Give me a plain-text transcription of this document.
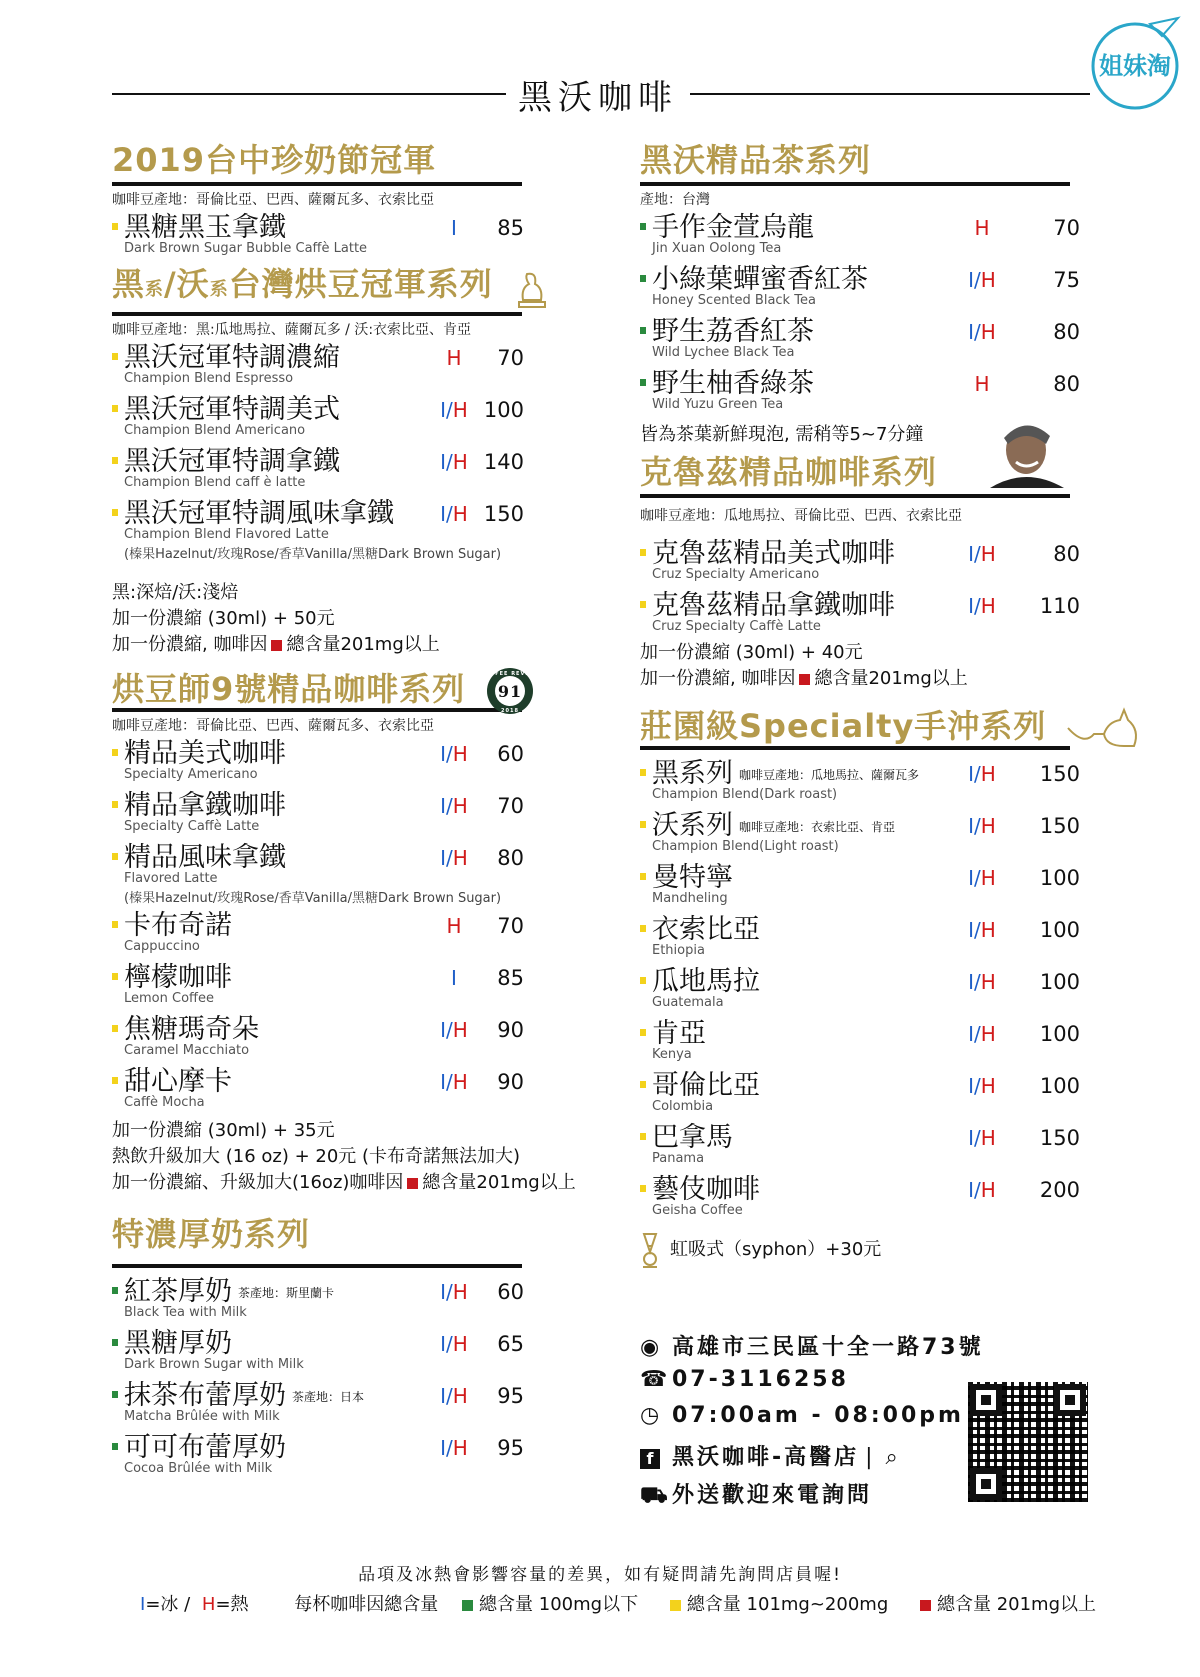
黑沃咖啡
姐妹淘
2019台中珍奶節冠軍
咖啡豆產地：哥倫比亞、巴西、薩爾瓦多、衣索比亞
黑糖黑玉拿鐵
Dark Brown Sugar Bubble Caffè Latte
I	85
黑系/沃系台灣烘豆冠軍系列
咖啡豆產地：黑:瓜地馬拉、薩爾瓦多 / 沃:衣索比亞、肯亞
黑沃冠軍特調濃縮
Champion Blend Espresso
H	70
黑沃冠軍特調美式
Champion Blend Americano
I/H 100
黑沃冠軍特調拿鐵
Champion Blend caff è latte
I/H 140
黑沃冠軍特調風味拿鐵
Champion Blend Flavored Latte
(榛果Hazelnut/玫瑰Rose/香草Vanilla/黑糖Dark Brown Sugar)
I/H 150
黑:深焙/沃:淺焙
加一份濃縮 (30ml) + 50元
加一份濃縮, 咖啡因 總含量201mg以上
烘豆師9號精品咖啡系列 91
COFFEE REVIEW
2018
咖啡豆產地：哥倫比亞、巴西、薩爾瓦多、衣索比亞
精品美式咖啡
Specialty Americano
I/H	60
精品拿鐵咖啡
Specialty Caffè Latte
I/H	70
精品風味拿鐵
Flavored Latte
(榛果Hazelnut/玫瑰Rose/香草Vanilla/黑糖Dark Brown Sugar)
I/H	80
卡布奇諾
Cappuccino
H	70
檸檬咖啡
Lemon Coffee
I	85
焦糖瑪奇朵
Caramel Macchiato
I/H	90
甜心摩卡
Caffè Mocha
I/H	90
加一份濃縮 (30ml) + 35元
熱飲升級加大 (16 oz) + 20元 (卡布奇諾無法加大)
加一份濃縮、升級加大(16oz)咖啡因 總含量201mg以上
特濃厚奶系列
紅茶厚奶 茶產地：斯里蘭卡
Black Tea with Milk
I/H	60
黑糖厚奶
Dark Brown Sugar with Milk
I/H	65
抹茶布蕾厚奶 茶產地：日本
Matcha Brûlée with Milk
I/H	95
可可布蕾厚奶
Cocoa Brûlée with Milk
I/H	95
黑沃精品茶系列
產地：台灣
手作金萱烏龍
Jin Xuan Oolong Tea
H	70
小綠葉蟬蜜香紅茶
Honey Scented Black Tea
I/H	75
野生荔香紅茶
Wild Lychee Black Tea
I/H	80
野生柚香綠茶
Wild Yuzu Green Tea
H	80
皆為茶葉新鮮現泡, 需稍等5~7分鐘
克魯茲精品咖啡系列
咖啡豆產地：瓜地馬拉、哥倫比亞、巴西、衣索比亞
克魯茲精品美式咖啡
Cruz Specialty Americano
I/H	80
克魯茲精品拿鐵咖啡
Cruz Specialty Caffè Latte
I/H	110
加一份濃縮 (30ml) + 40元
加一份濃縮, 咖啡因 總含量201mg以上
莊園級Specialty手沖系列
黑系列 咖啡豆產地：瓜地馬拉、薩爾瓦多
Champion Blend(Dark roast)
I/H	150
沃系列 咖啡豆產地：衣索比亞、肯亞
Champion Blend(Light roast)
I/H	150
曼特寧
Mandheling
I/H	100
衣索比亞
Ethiopia
I/H	100
瓜地馬拉
Guatemala
I/H	100
肯亞
Kenya
I/H	100
哥倫比亞
Colombia
I/H	100
巴拿馬
Panama
I/H	150
藝伎咖啡
Geisha Coffee
I/H	200
虹吸式（syphon）+30元
◉ 高雄市三民區十全一路73號
☎07-3116258
◷ 07:00am - 08:00pm
f 黑沃咖啡-高醫店 | ⌕
⛟外送歡迎來電詢問
品項及冰熱會影響容量的差異，如有疑問請先詢問店員喔!
I=冰 / H=熱	每杯咖啡因總含量 總含量 100mg以下	總含量 101mg~200mg	總含量 201mg以上
